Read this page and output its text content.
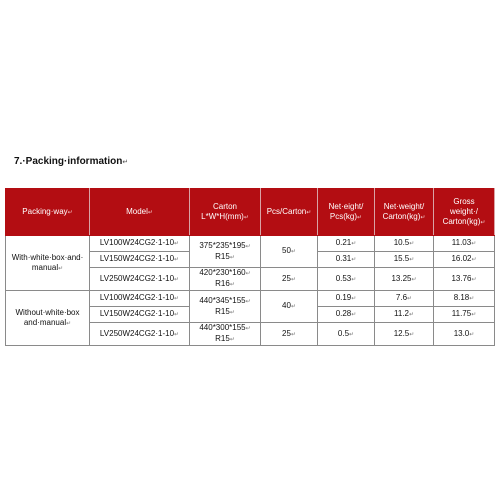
7.·Packing·information↵
Packing·way↵	Model↵	Carton
L*W*H(mm)↵	Pcs/Carton↵	Net·eight/
Pcs(kg)↵	Net·weight/
Carton(kg)↵	Gross
weight·/
Carton(kg)↵
With·white·box·and·
manual↵	LV100W24CG2·1-10↵	375*235*195↵
R15↵	50↵	0.21↵	10.5↵	11.03↵
	LV150W24CG2·1-10↵			0.31↵	15.5↵	16.02↵
	LV250W24CG2·1-10↵	420*230*160↵
R16↵	25↵	0.53↵	13.25↵	13.76↵
Without·white·box
and·manual↵	LV100W24CG2·1-10↵	440*345*155↵
R15↵	40↵	0.19↵	7.6↵	8.18↵
	LV150W24CG2·1-10↵			0.28↵	11.2↵	11.75↵
	LV250W24CG2·1-10↵	440*300*155↵
R15↵	25↵	0.5↵	12.5↵	13.0↵
